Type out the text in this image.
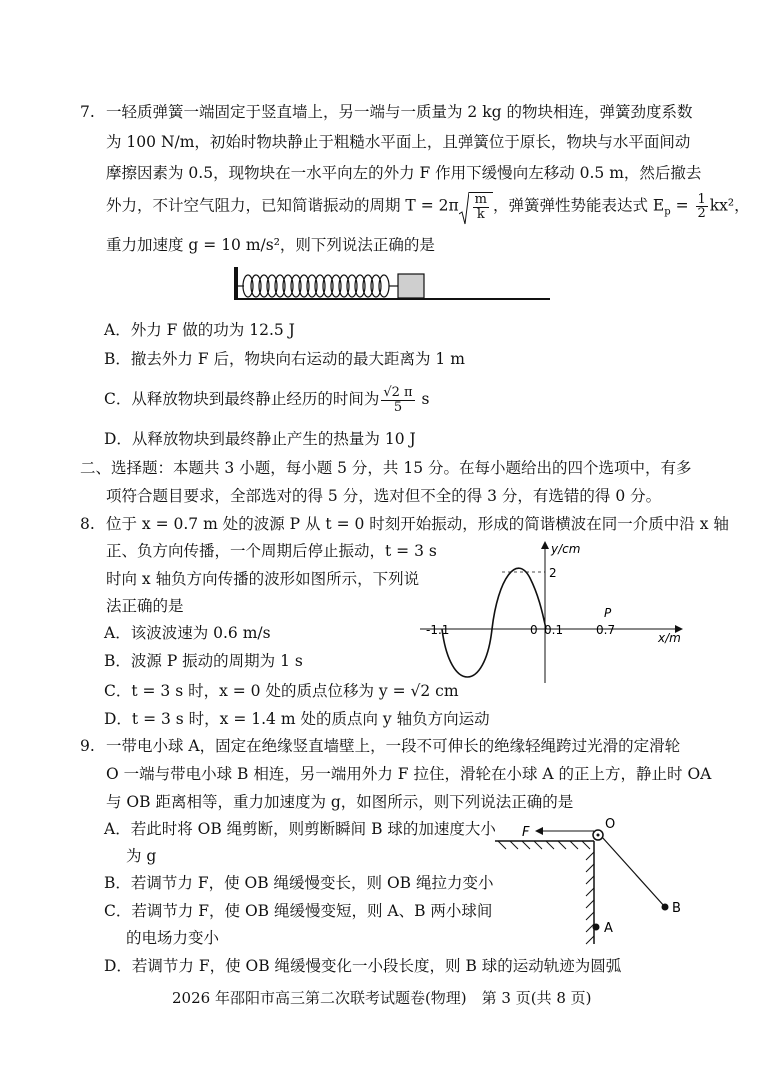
7. 一轻质弹簧一端固定于竖直墙上，另一端与一质量为 2 kg 的物块相连，弹簧劲度系数
为 100 N/m，初始时物块静止于粗糙水平面上，且弹簧位于原长，物块与水平面间动
摩擦因素为 0.5，现物块在一水平向左的外力 F 作用下缓慢向左移动 0.5 m，然后撤去
外力，不计空气阻力，已知简谐振动的周期 $T = 2\pi \frac{m}{k}$ ，弹簧弹性势能表达式 $E_p = \frac{1}{2} kx^2$，
重力加速度 g = 10 m/s²，则下列说法正确的是
A．外力 F 做的功为 12.5 J
B．撤去外力 F 后，物块向右运动的最大距离为 1 m
C．从释放物块到最终静止经历的时间为 $\frac{√2 \pi}{5}$ s
D．从释放物块到最终静止产生的热量为 10 J
二、选择题：本题共 3 小题，每小题 5 分，共 15 分。在每小题给出的四个选项中，有多
项符合题目要求，全部选对的得 5 分，选对但不全的得 3 分，有选错的得 0 分。
8. 位于 x = 0.7 m 处的波源 P 从 t = 0 时刻开始振动，形成的简谐横波在同一介质中沿 x 轴
正、负方向传播，一个周期后停止振动，t = 3 s
时向 x 轴负方向传播的波形如图所示，下列说
法正确的是
A．该波波速为 0.6 m/s
B．波源 P 振动的周期为 1 s
C．t = 3 s 时，x = 0 处的质点位移为 y = √2 cm
D．t = 3 s 时，x = 1.4 m 处的质点向 y 轴负方向运动
y/cm
x/m
2
-1.1	0 0.1	0.7
P
9. 一带电小球 A，固定在绝缘竖直墙壁上，一段不可伸长的绝缘轻绳跨过光滑的定滑轮
O 一端与带电小球 B 相连，另一端用外力 F 拉住，滑轮在小球 A 的正上方，静止时 OA
与 OB 距离相等，重力加速度为 g，如图所示，则下列说法正确的是
A．若此时将 OB 绳剪断，则剪断瞬间 B 球的加速度大小
为 g
B．若调节力 F，使 OB 绳缓慢变长，则 OB 绳拉力变小
C．若调节力 F，使 OB 绳缓慢变短，则 A、B 两小球间
的电场力变小
D．若调节力 F，使 OB 绳缓慢变化一小段长度，则 B 球的运动轨迹为圆弧
F
O
A
B
2026 年邵阳市高三第二次联考试题卷(物理)　第 3 页(共 8 页)
